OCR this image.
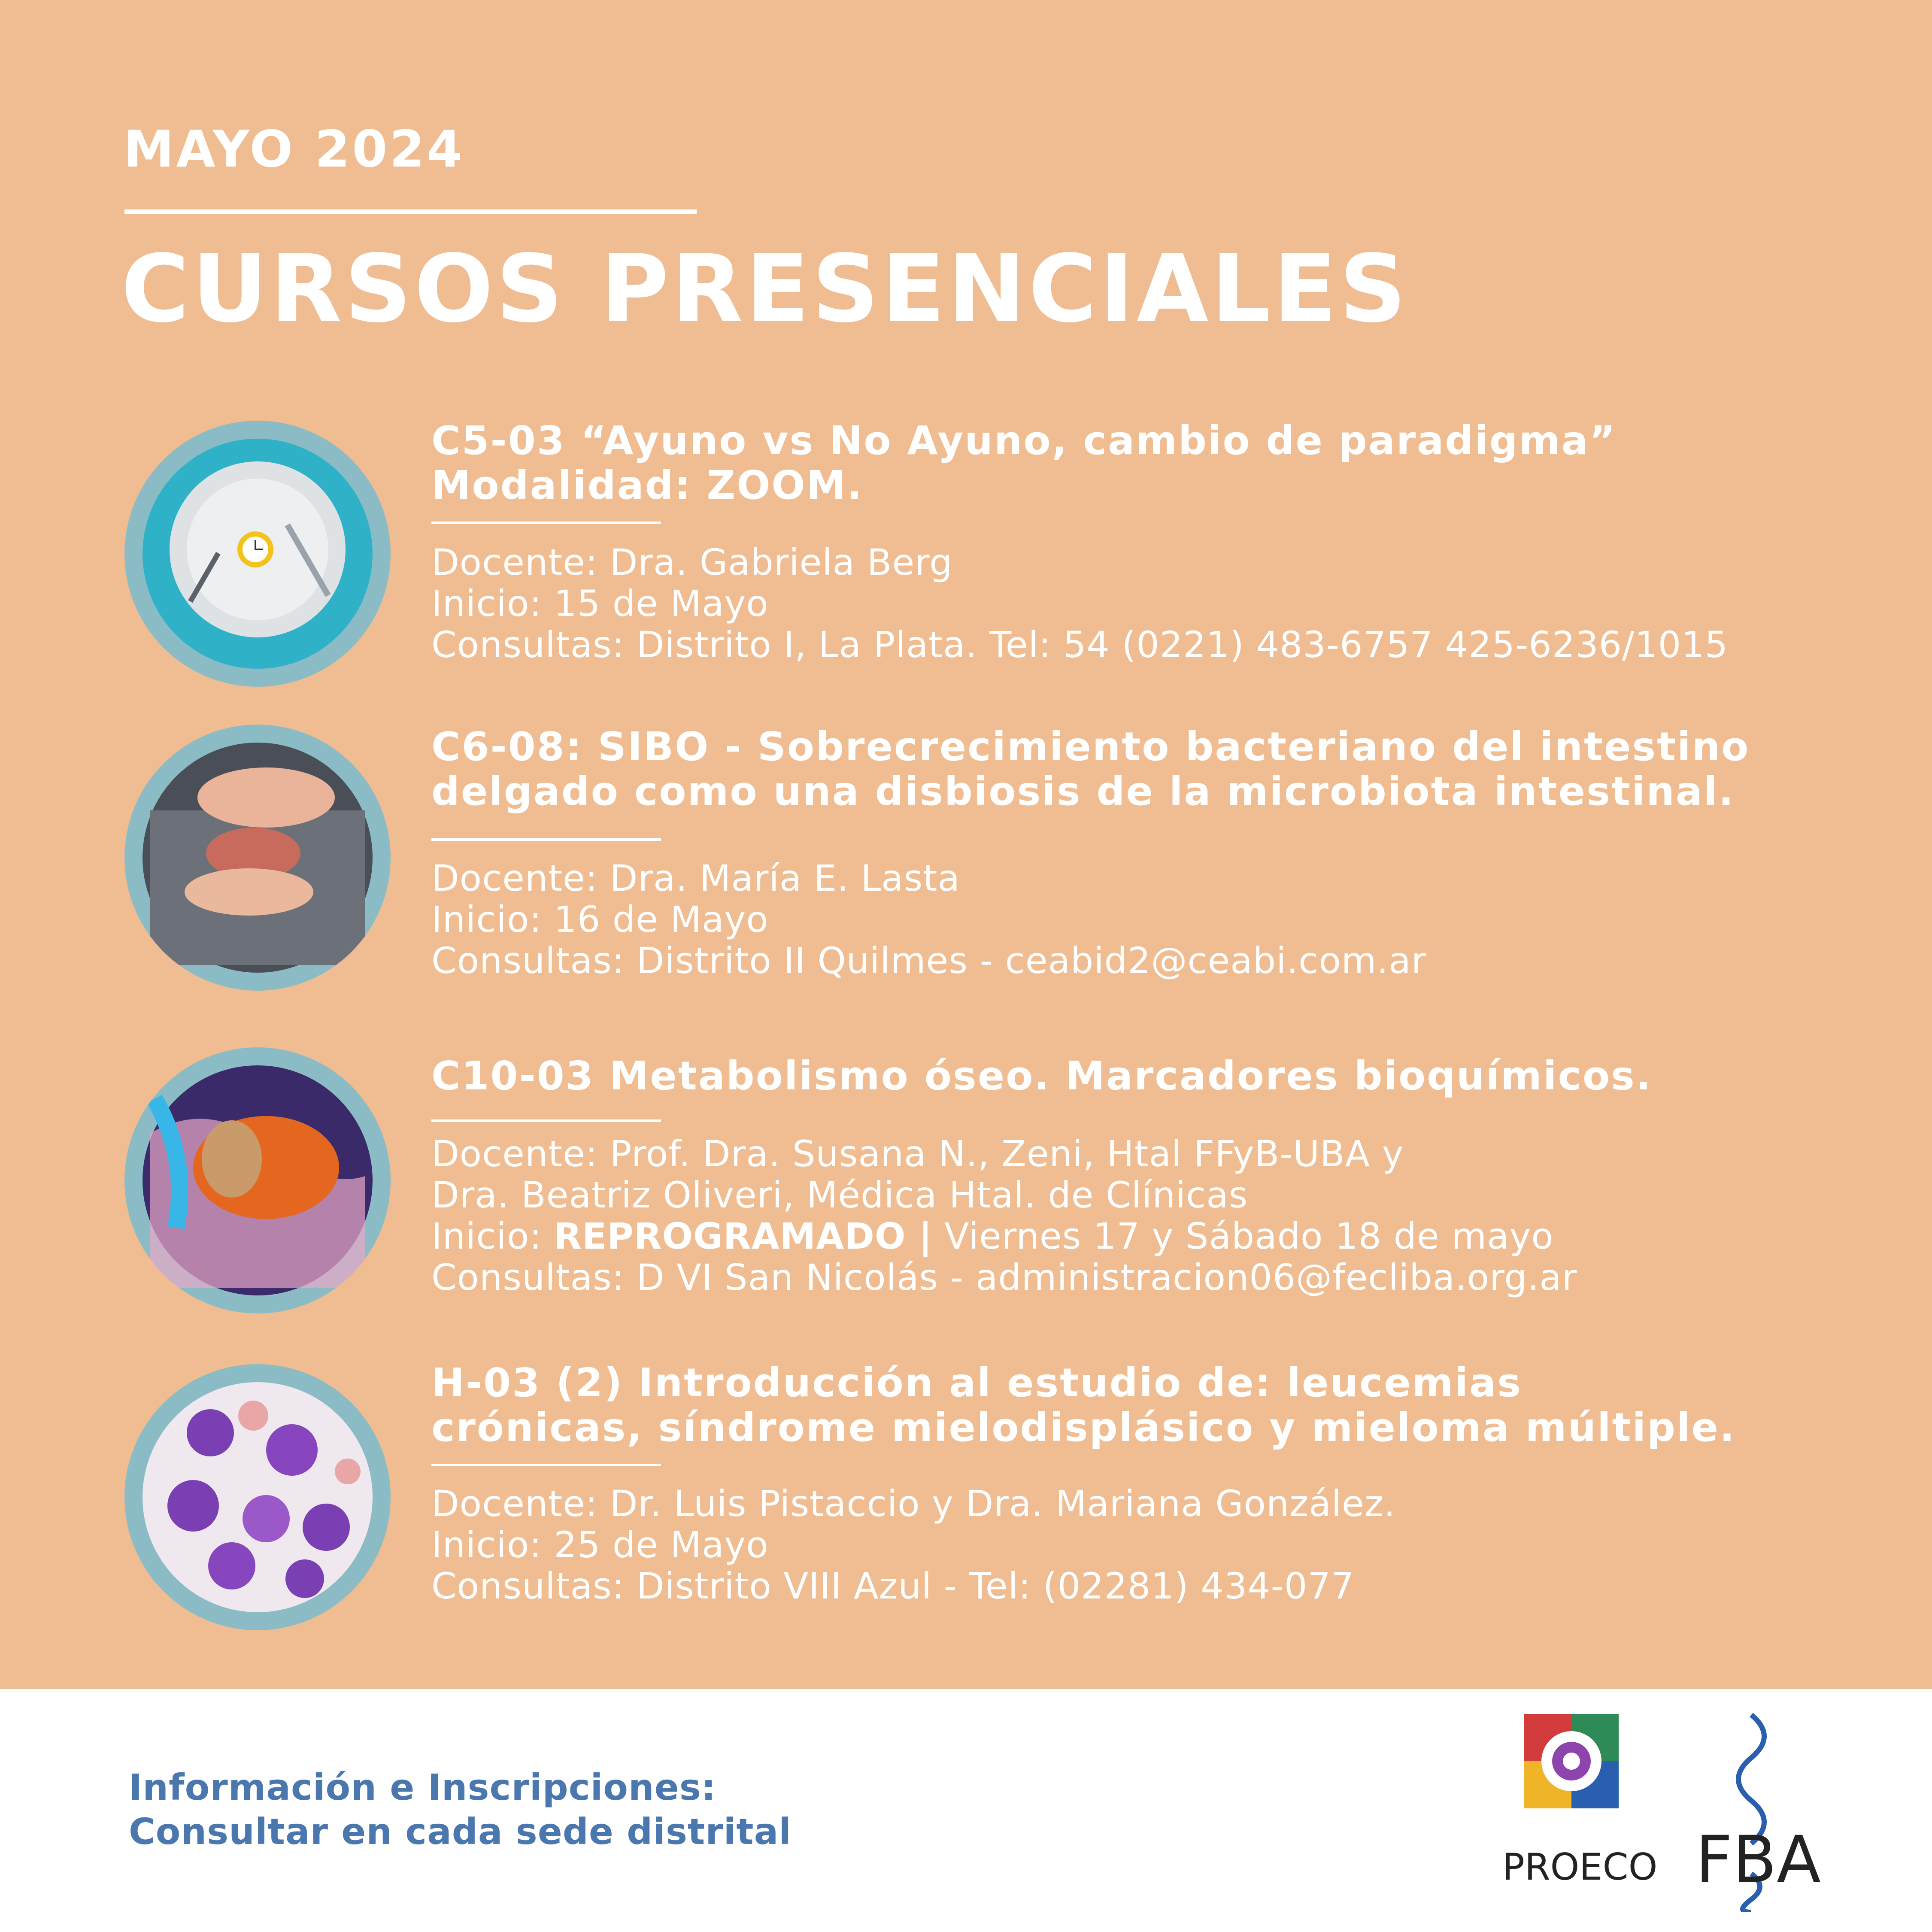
MAYO 2024
CURSOS PRESENCIALES
C5-03 “Ayuno vs No Ayuno, cambio de paradigma”
Modalidad: ZOOM.
Docente: Dra. Gabriela Berg
Inicio: 15 de Mayo
Consultas: Distrito I, La Plata. Tel: 54 (0221) 483-6757 425-6236/1015
C6-08: SIBO - Sobrecrecimiento bacteriano del intestino
delgado como una disbiosis de la microbiota intestinal.
Docente: Dra. María E. Lasta
Inicio: 16 de Mayo
Consultas: Distrito II Quilmes - ceabid2@ceabi.com.ar
C10-03 Metabolismo óseo. Marcadores bioquímicos.
Docente: Prof. Dra. Susana N., Zeni, Htal FFyB-UBA y
Dra. Beatriz Oliveri, Médica Htal. de Clínicas
Inicio: REPROGRAMADO | Viernes 17 y Sábado 18 de mayo
Consultas: D VI San Nicolás - administracion06@fecliba.org.ar
H-03 (2) Introducción al estudio de: leucemias
crónicas, síndrome mielodisplásico y mieloma múltiple.
Docente: Dr. Luis Pistaccio y Dra. Mariana González.
Inicio: 25 de Mayo
Consultas: Distrito VIII Azul - Tel: (02281) 434-077
Información e Inscripciones:
Consultar en cada sede distrital
PROECO FBA
